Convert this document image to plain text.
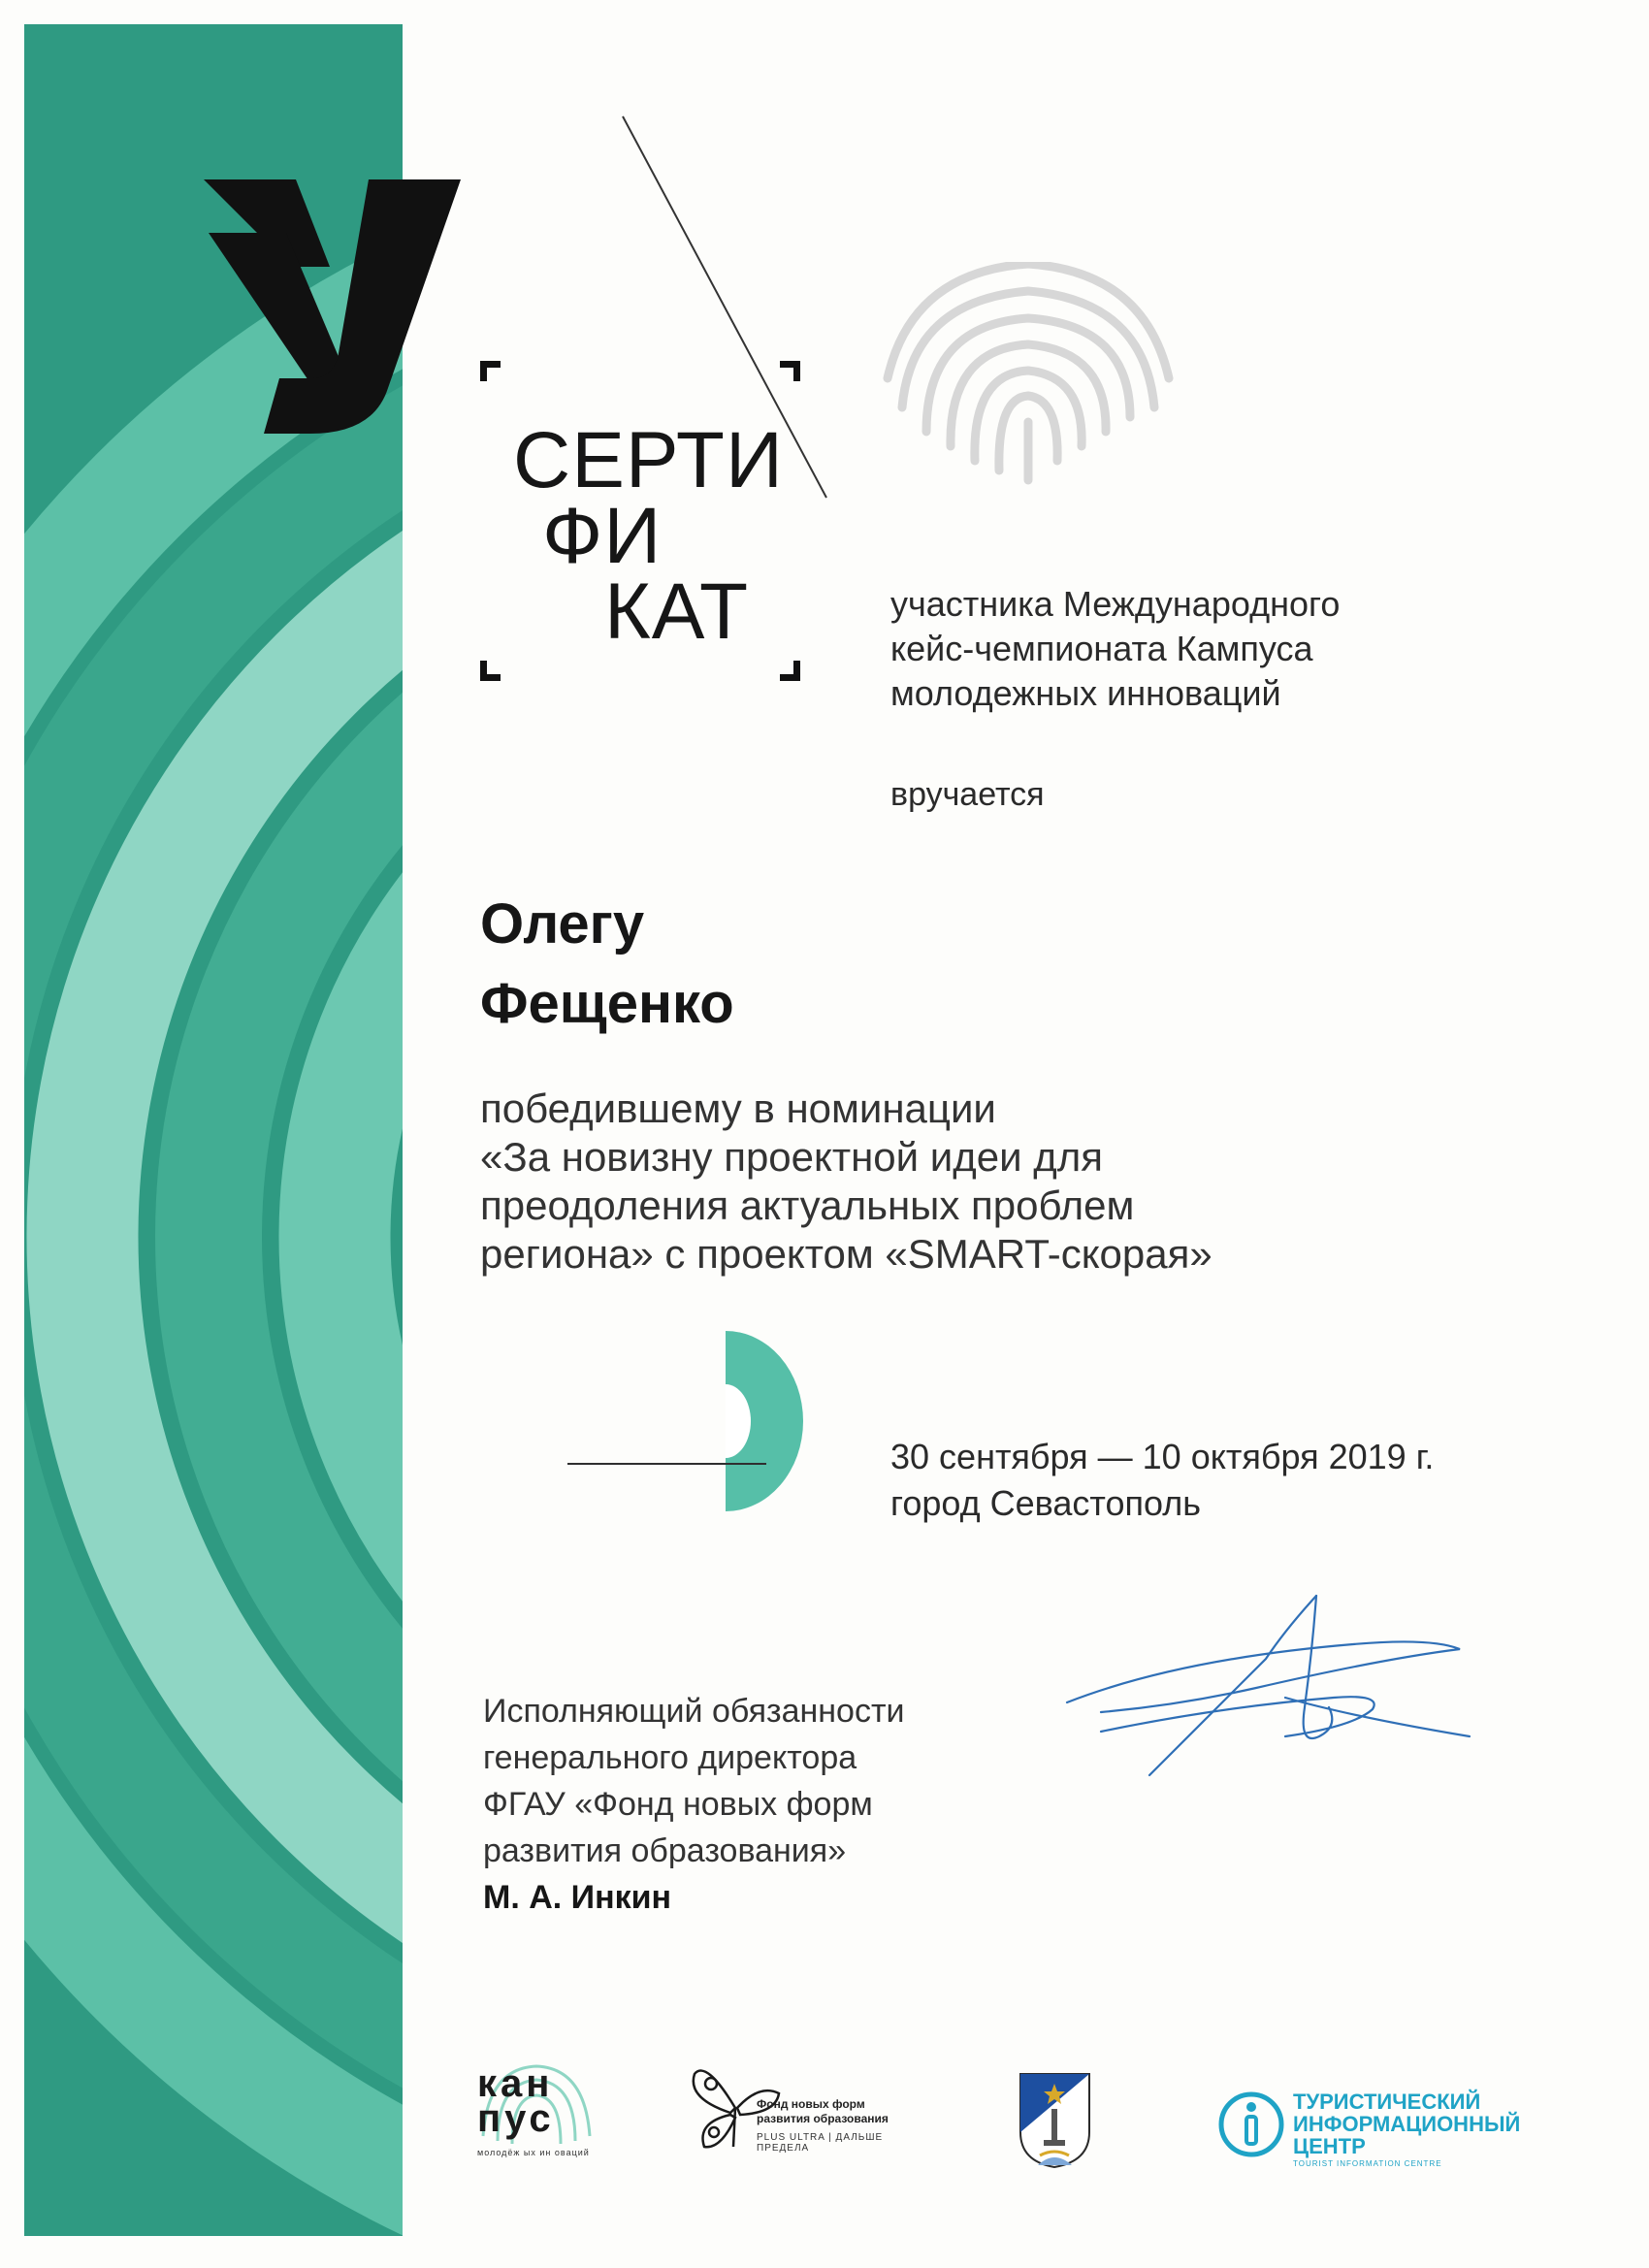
СЕРТИ
ФИ
КАТ	участника Международного
кейс-чемпионата Кампуса
молодежных инноваций
вручается
Олегу
Фещенко
победившему в номинации
«За новизну проектной идеи для
преодоления актуальных проблем
региона» с проектом «SMART-скорая»
30 сентября — 10 октября 2019 г.
город Севастополь
Исполняющий обязанности
генерального директора
ФГАУ «Фонд новых форм
развития образования»
М. А. Инкин
кан
пус
молодёж ых ин оваций
Фонд новых форм
развития образования
PLUS ULTRA | ДАЛЬШЕ ПРЕДЕЛА
ТУРИСТИЧЕСКИЙ
ИНФОРМАЦИОННЫЙ
ЦЕНТР
TOURIST INFORMATION CENTRE
